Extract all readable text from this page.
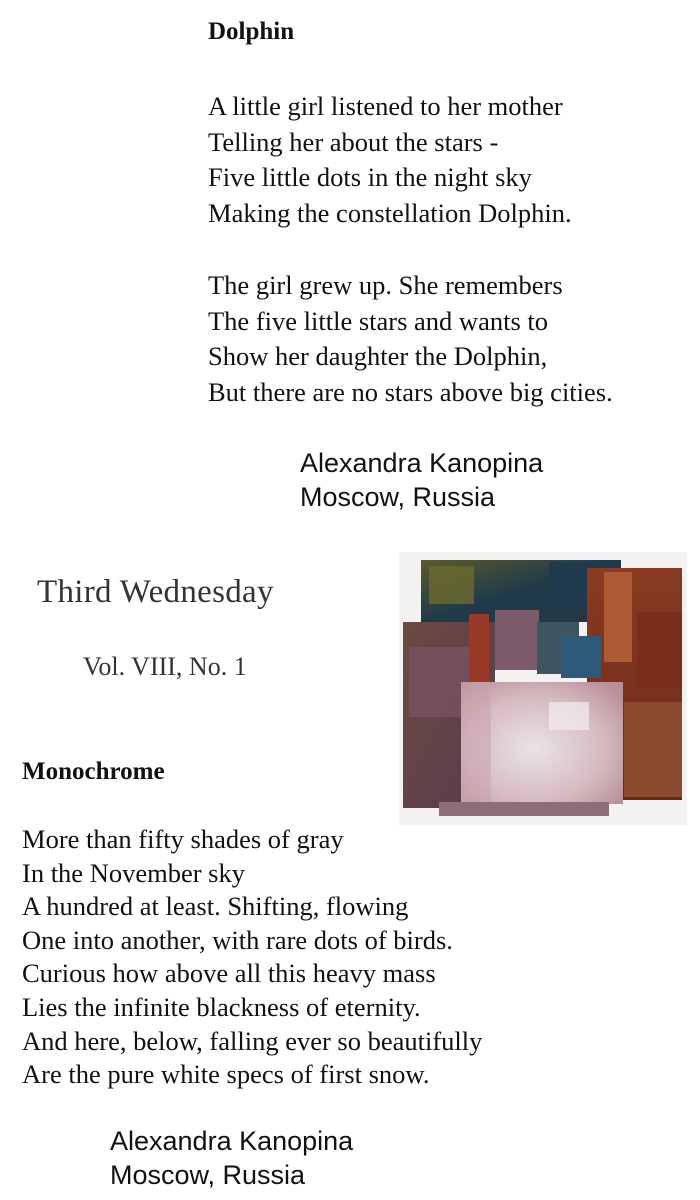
Dolphin
A little girl listened to her mother
Telling her about the stars -
Five little dots in the night sky
Making the constellation Dolphin.
The girl grew up. She remembers
The five little stars and wants to
Show her daughter the Dolphin,
But there are no stars above big cities.
Alexandra Kanopina
Moscow, Russia
Third Wednesday
Vol. VIII, No. 1
Monochrome
More than fifty shades of gray
In the November sky
A hundred at least. Shifting, flowing
One into another, with rare dots of birds.
Curious how above all this heavy mass
Lies the infinite blackness of eternity.
And here, below, falling ever so beautifully
Are the pure white specs of first snow.
Alexandra Kanopina
Moscow, Russia
